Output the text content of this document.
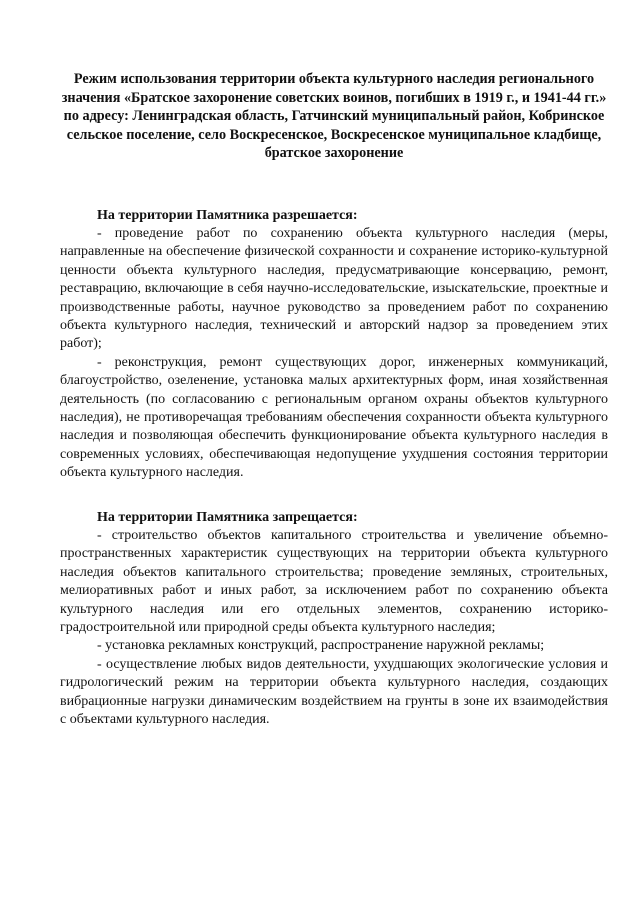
Режим использования территории объекта культурного наследия регионального значения «Братское захоронение советских воинов, погибших в 1919 г., и 1941-44 гг.» по адресу: Ленинградская область, Гатчинский муниципальный район, Кобринское сельское поселение, село Воскресенское, Воскресенское муниципальное кладбище, братское захоронение

На территории Памятника разрешается:

- проведение работ по сохранению объекта культурного наследия (меры, направленные на обеспечение физической сохранности и сохранение историко-культурной ценности объекта культурного наследия, предусматривающие консервацию, ремонт, реставрацию, включающие в себя научно-исследовательские, изыскательские, проектные и производственные работы, научное руководство за проведением работ по сохранению объекта культурного наследия, технический и авторский надзор за проведением этих работ);

- реконструкция, ремонт существующих дорог, инженерных коммуникаций, благоустройство, озеленение, установка малых архитектурных форм, иная хозяйственная деятельность (по согласованию с региональным органом охраны объектов культурного наследия), не противоречащая требованиям обеспечения сохранности объекта культурного наследия и позволяющая обеспечить функционирование объекта культурного наследия в современных условиях, обеспечивающая недопущение ухудшения состояния территории объекта культурного наследия.

На территории Памятника запрещается:

- строительство объектов капитального строительства и увеличение объемно-пространственных характеристик существующих на территории объекта культурного наследия объектов капитального строительства; проведение земляных, строительных, мелиоративных работ и иных работ, за исключением работ по сохранению объекта культурного наследия или его отдельных элементов, сохранению историко-градостроительной или природной среды объекта культурного наследия;

- установка рекламных конструкций, распространение наружной рекламы;

- осуществление любых видов деятельности, ухудшающих экологические условия и гидрологический режим на территории объекта культурного наследия, создающих вибрационные нагрузки динамическим воздействием на грунты в зоне их взаимодействия с объектами культурного наследия.
